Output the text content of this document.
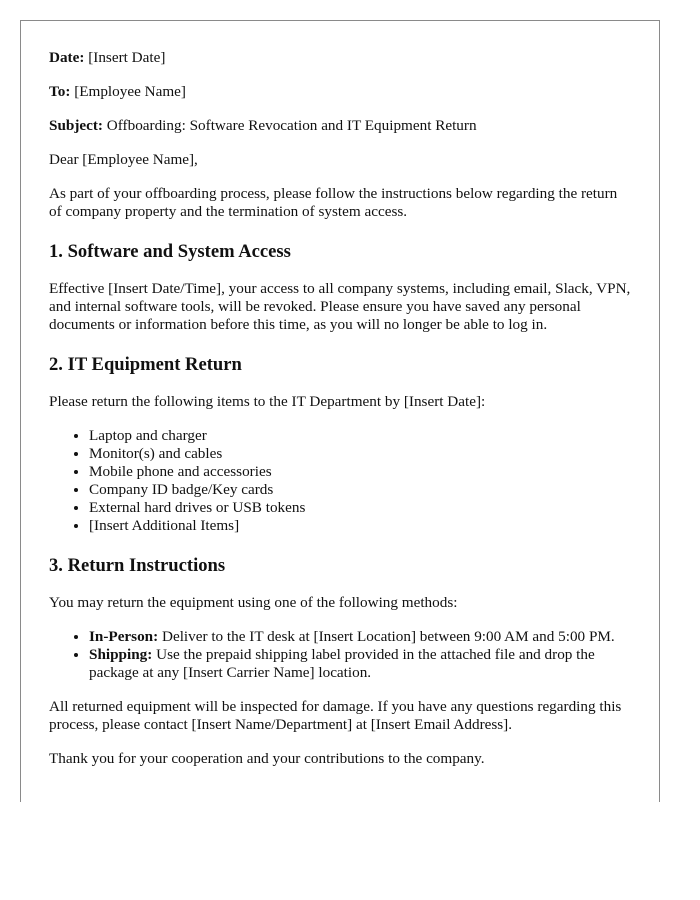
Date: [Insert Date]

To: [Employee Name]

Subject: Offboarding: Software Revocation and IT Equipment Return

Dear [Employee Name],

As part of your offboarding process, please follow the instructions below regarding the return of company property and the termination of system access.

1. Software and System Access

Effective [Insert Date/Time], your access to all company systems, including email, Slack, VPN, and internal software tools, will be revoked. Please ensure you have saved any personal documents or information before this time, as you will no longer be able to log in.

2. IT Equipment Return

Please return the following items to the IT Department by [Insert Date]:

• Laptop and charger
• Monitor(s) and cables
• Mobile phone and accessories
• Company ID badge/Key cards
• External hard drives or USB tokens
• [Insert Additional Items]
3. Return Instructions

You may return the equipment using one of the following methods:

• In-Person: Deliver to the IT desk at [Insert Location] between 9:00 AM and 5:00 PM.
• Shipping: Use the prepaid shipping label provided in the attached file and drop the package at any [Insert Carrier Name] location.

All returned equipment will be inspected for damage. If you have any questions regarding this process, please contact [Insert Name/Department] at [Insert Email Address].

Thank you for your cooperation and your contributions to the company.
